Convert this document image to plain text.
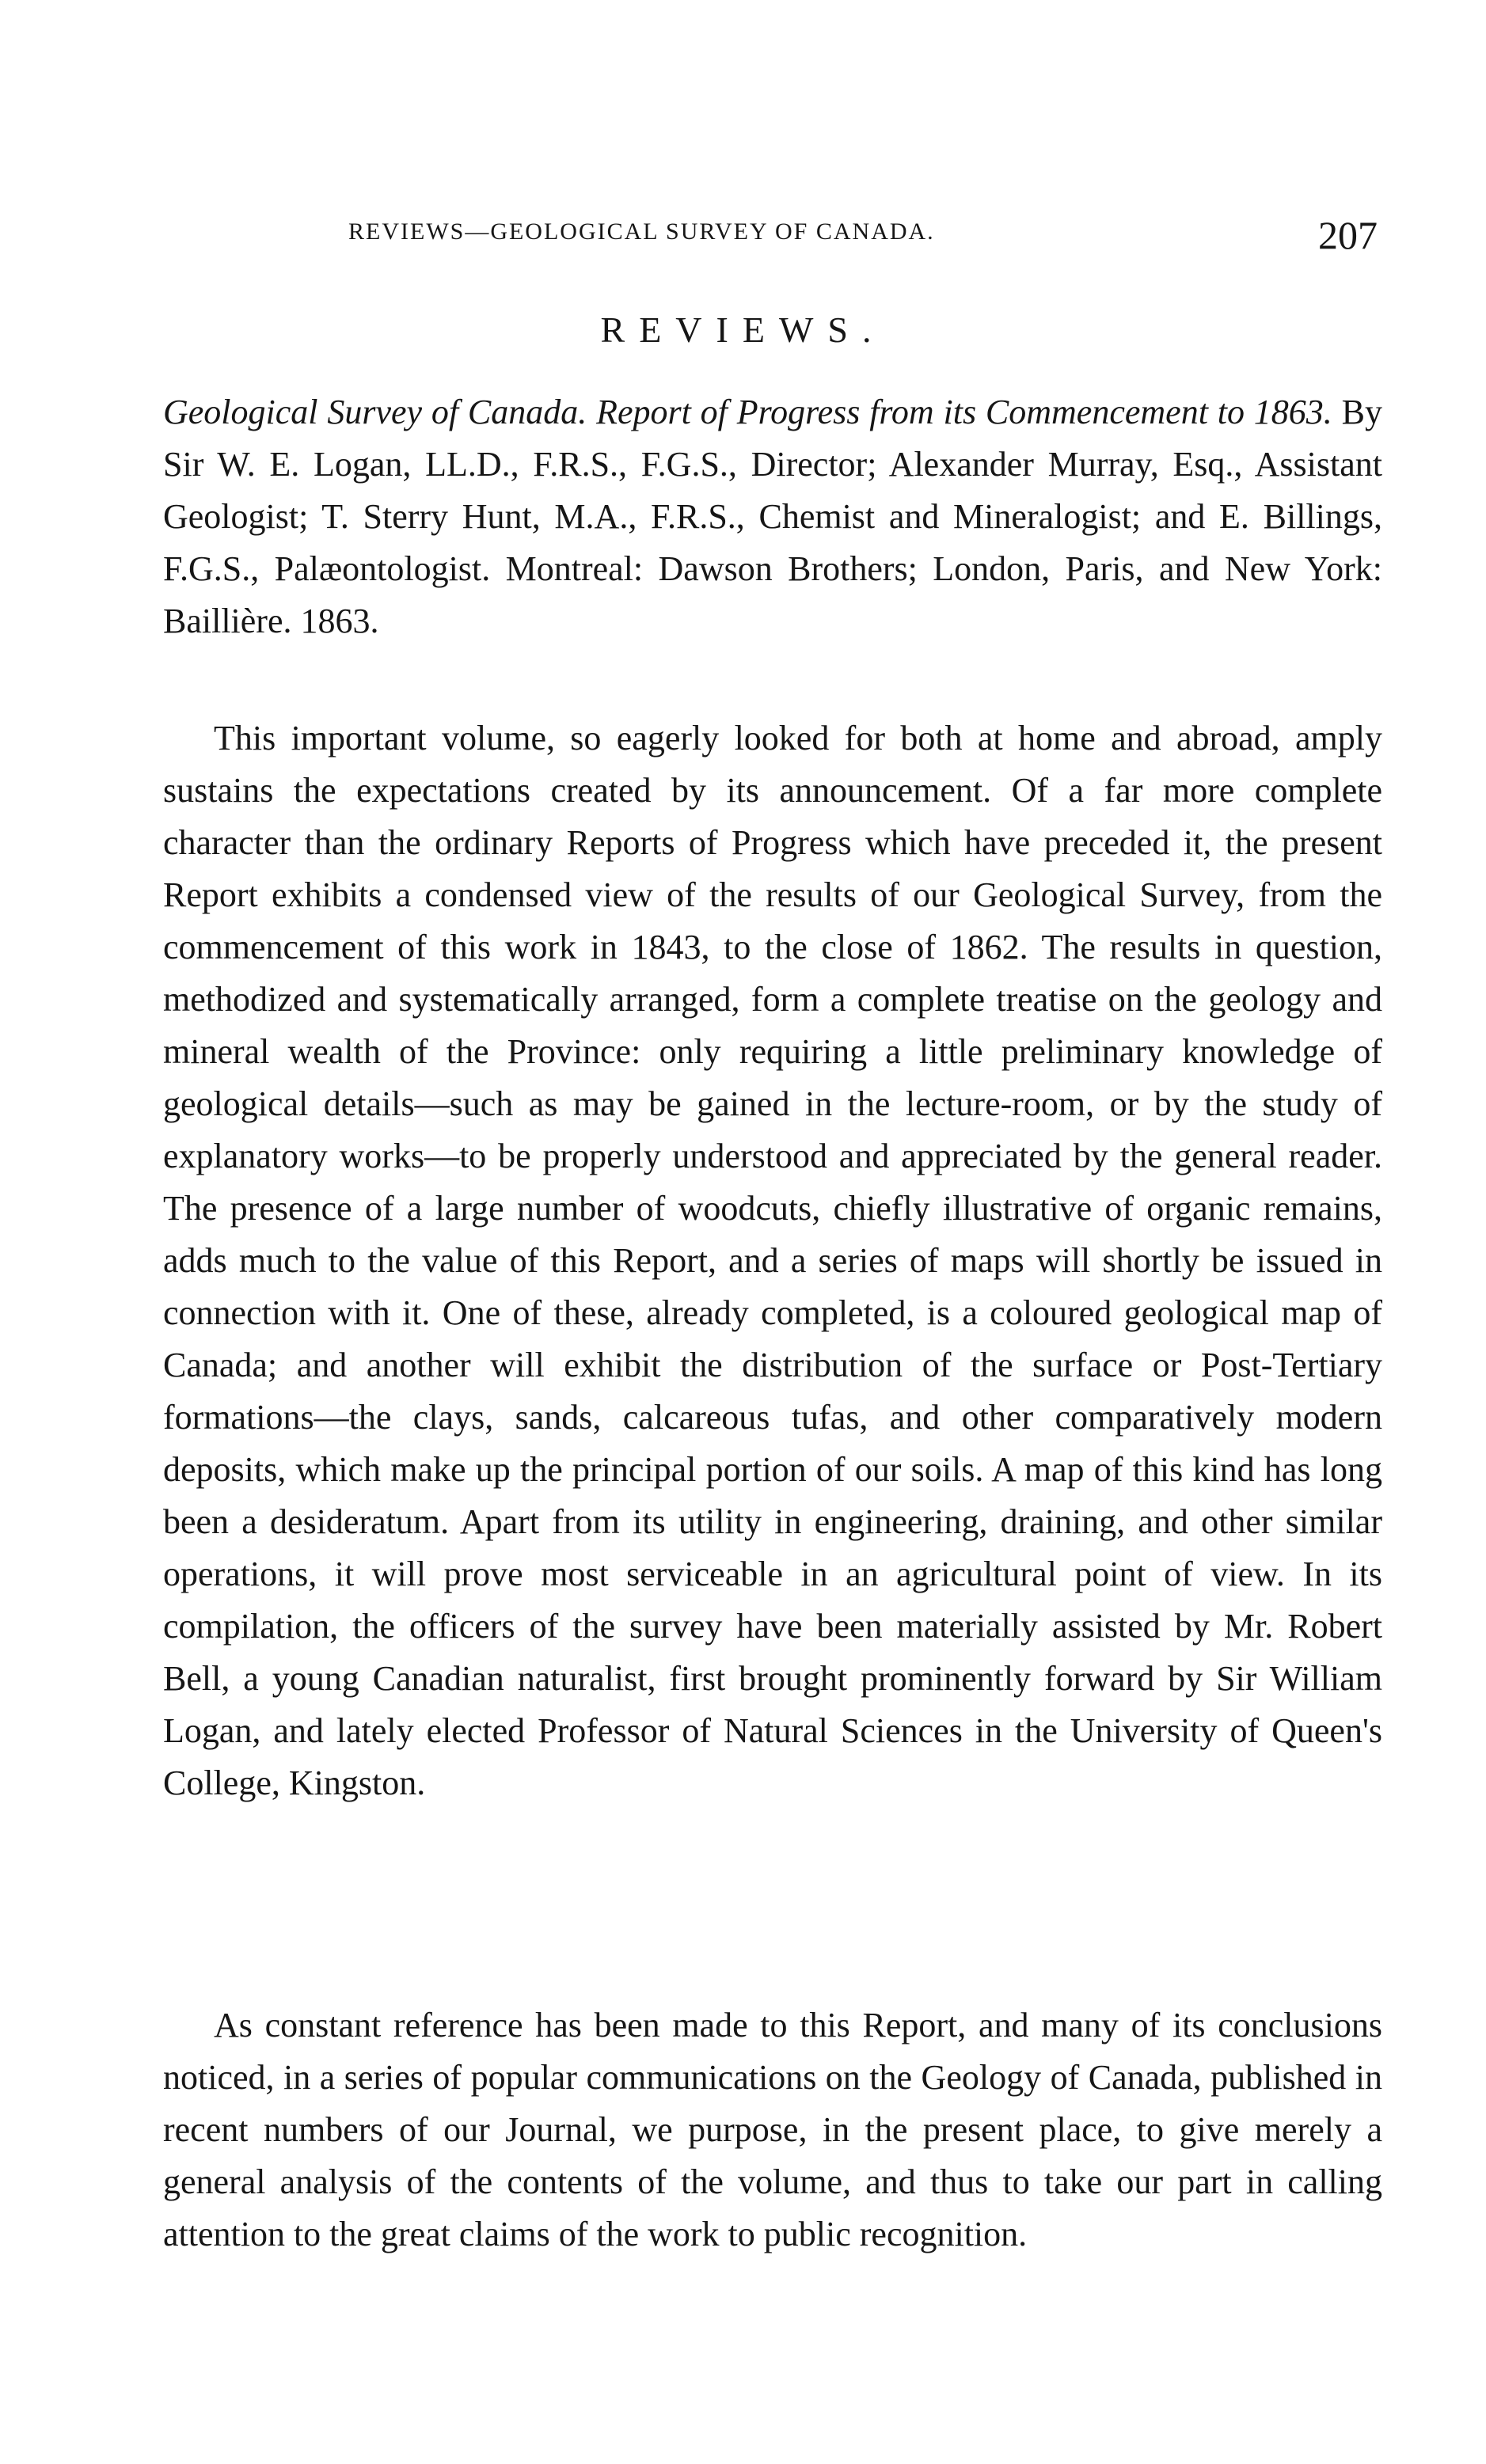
REVIEWS—GEOLOGICAL SURVEY OF CANADA.	207
REVIEWS.
Geological Survey of Canada. Report of Progress from its Commencement to 1863. By Sir W. E. Logan, LL.D., F.R.S., F.G.S., Director; Alexander Murray, Esq., Assistant Geologist; T. Sterry Hunt, M.A., F.R.S., Chemist and Mineralogist; and E. Billings, F.G.S., Palæontologist. Montreal: Dawson Brothers; London, Paris, and New York: Baillière. 1863.

This important volume, so eagerly looked for both at home and abroad, amply sustains the expectations created by its announcement. Of a far more complete character than the ordinary Reports of Progress which have preceded it, the present Report exhibits a condensed view of the results of our Geological Survey, from the commencement of this work in 1843, to the close of 1862. The results in question, methodized and systematically arranged, form a complete treatise on the geology and mineral wealth of the Province: only requiring a little preliminary knowledge of geological details—such as may be gained in the lecture-room, or by the study of explanatory works—to be properly understood and appreciated by the general reader. The presence of a large number of woodcuts, chiefly illustrative of organic remains, adds much to the value of this Report, and a series of maps will shortly be issued in connection with it. One of these, already completed, is a coloured geological map of Canada; and another will exhibit the distribution of the surface or Post-Tertiary formations—the clays, sands, calcareous tufas, and other comparatively modern deposits, which make up the principal portion of our soils. A map of this kind has long been a desideratum. Apart from its utility in engineering, draining, and other similar operations, it will prove most serviceable in an agricultural point of view. In its compilation, the officers of the survey have been materially assisted by Mr. Robert Bell, a young Canadian naturalist, first brought prominently forward by Sir William Logan, and lately elected Professor of Natural Sciences in the University of Queen's College, Kingston.

As constant reference has been made to this Report, and many of its conclusions noticed, in a series of popular communications on the Geology of Canada, published in recent numbers of our Journal, we purpose, in the present place, to give merely a general analysis of the contents of the volume, and thus to take our part in calling attention to the great claims of the work to public recognition.
